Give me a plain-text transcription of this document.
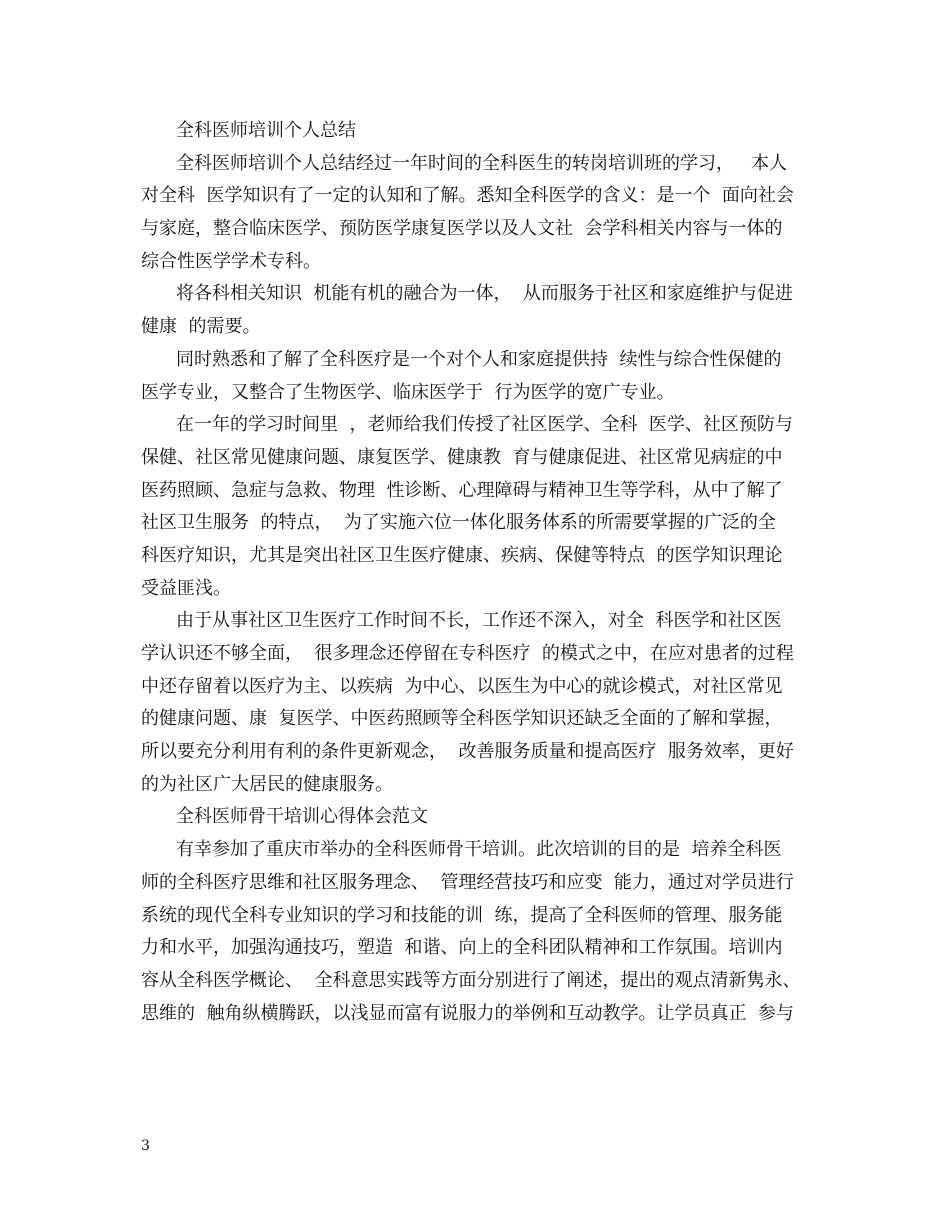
全科医师培训个人总结
全科医师培训个人总结经过一年时间的全科医生的转岗培训班的学习，   本人
对全科  医学知识有了一定的认知和了解。悉知全科医学的含义：是一个  面向社会
与家庭，整合临床医学、预防医学康复医学以及人文社  会学科相关内容与一体的
综合性医学学术专科。
将各科相关知识  机能有机的融合为一体，  从而服务于社区和家庭维护与促进
健康  的需要。
同时熟悉和了解了全科医疗是一个对个人和家庭提供持  续性与综合性保健的
医学专业，又整合了生物医学、临床医学于  行为医学的宽广专业。
在一年的学习时间里  ，老师给我们传授了社区医学、全科  医学、社区预防与
保健、社区常见健康问题、康复医学、健康教  育与健康促进、社区常见病症的中
医药照顾、急症与急救、物理  性诊断、心理障碍与精神卫生等学科，从中了解了
社区卫生服务  的特点，  为了实施六位一体化服务体系的所需要掌握的广泛的全
科医疗知识，尤其是突出社区卫生医疗健康、疾病、保健等特点  的医学知识理论
受益匪浅。
由于从事社区卫生医疗工作时间不长，工作还不深入，对全  科医学和社区医
学认识还不够全面，  很多理念还停留在专科医疗  的模式之中，在应对患者的过程
中还存留着以医疗为主、以疾病  为中心、以医生为中心的就诊模式，对社区常见
的健康问题、康  复医学、中医药照顾等全科医学知识还缺乏全面的了解和掌握，
所以要充分利用有利的条件更新观念，  改善服务质量和提高医疗  服务效率，更好
的为社区广大居民的健康服务。
全科医师骨干培训心得体会范文
有幸参加了重庆市举办的全科医师骨干培训。此次培训的目的是  培养全科医
师的全科医疗思维和社区服务理念、  管理经营技巧和应变  能力，通过对学员进行
系统的现代全科专业知识的学习和技能的训  练，提高了全科医师的管理、服务能
力和水平，加强沟通技巧，塑造  和谐、向上的全科团队精神和工作氛围。培训内
容从全科医学概论、  全科意思实践等方面分别进行了阐述，提出的观点清新隽永、
思维的  触角纵横腾跃，以浅显而富有说服力的举例和互动教学。让学员真正  参与
3
